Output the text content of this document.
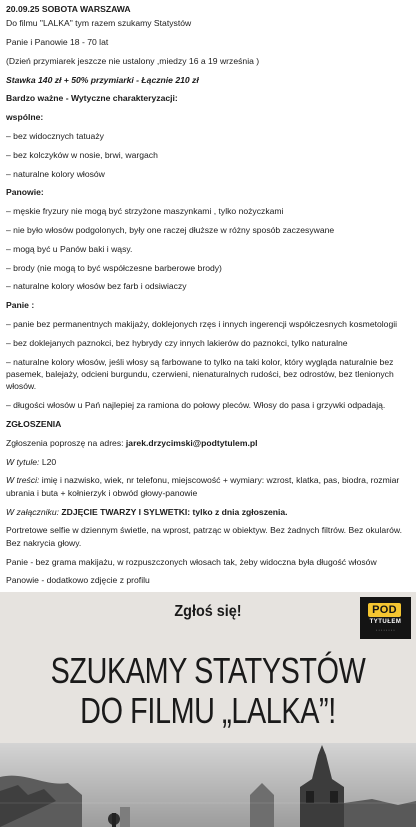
20.09.25 SOBOTA WARSZAWA

Do filmu "LALKA" tym razem szukamy Statystów

Panie i Panowie 18 - 70 lat

(Dzień przymiarek jeszcze nie ustalony ,miedzy 16 a 19 września )

Stawka 140 zł + 50% przymiarki - Łącznie 210 zł

Bardzo ważne - Wytyczne charakteryzacji:

wspólne:

– bez widocznych tatuaży

– bez kolczyków w nosie, brwi, wargach

– naturalne kolory włosów

Panowie:

– męskie fryzury nie mogą być strzyżone maszynkami , tylko nożyczkami

– nie było włosów podgolonych, były one raczej dłuższe w różny sposób zaczesywane

– mogą być u Panów baki i wąsy.

– brody (nie mogą to być współczesne barberowe brody)

– naturalne kolory włosów bez farb i odsiwiaczy

Panie :

– panie bez permanentnych makijaży, doklejonych rzęs i innych ingerencji współczesnych kosmetologii

– bez doklejanych paznokci, bez hybrydy czy innych lakierów do paznokci, tylko naturalne

– naturalne kolory włosów, jeśli włosy są farbowane to tylko na taki kolor, który wygląda naturalnie bez pasemek, balejaży, odcieni burgundu, czerwieni, nienaturalnych rudości, bez odrostów, bez tlenionych włosów.

– długości włosów u Pań najlepiej za ramiona do połowy pleców. Włosy do pasa i grzywki odpadają.

ZGŁOSZENIA

Zgłoszenia poproszę na adres: jarek.drzycimski@podtytulem.pl

W tytule: L20

W treści: imię i nazwisko, wiek, nr telefonu, miejscowość + wymiary: wzrost, klatka, pas, biodra, rozmiar ubrania i buta + kołnierzyk i obwód głowy-panowie

W załączniku: ZDJĘCIE TWARZY I SYLWETKI: tylko z dnia zgłoszenia.

Portretowe selfie w dziennym świetle, na wprost, patrząc w obiektyw. Bez żadnych filtrów. Bez okularów. Bez nakrycia głowy.

Panie - bez grama makijażu, w rozpuszczonych włosach tak, żeby widoczna była długość włosów

Panowie - dodatkowo zdjęcie z profilu

POD
TYTUŁEM
• • • • • • • •
Zgłoś się!
SZUKAMY STATYSTÓW
DO FILMU „LALKA”!
